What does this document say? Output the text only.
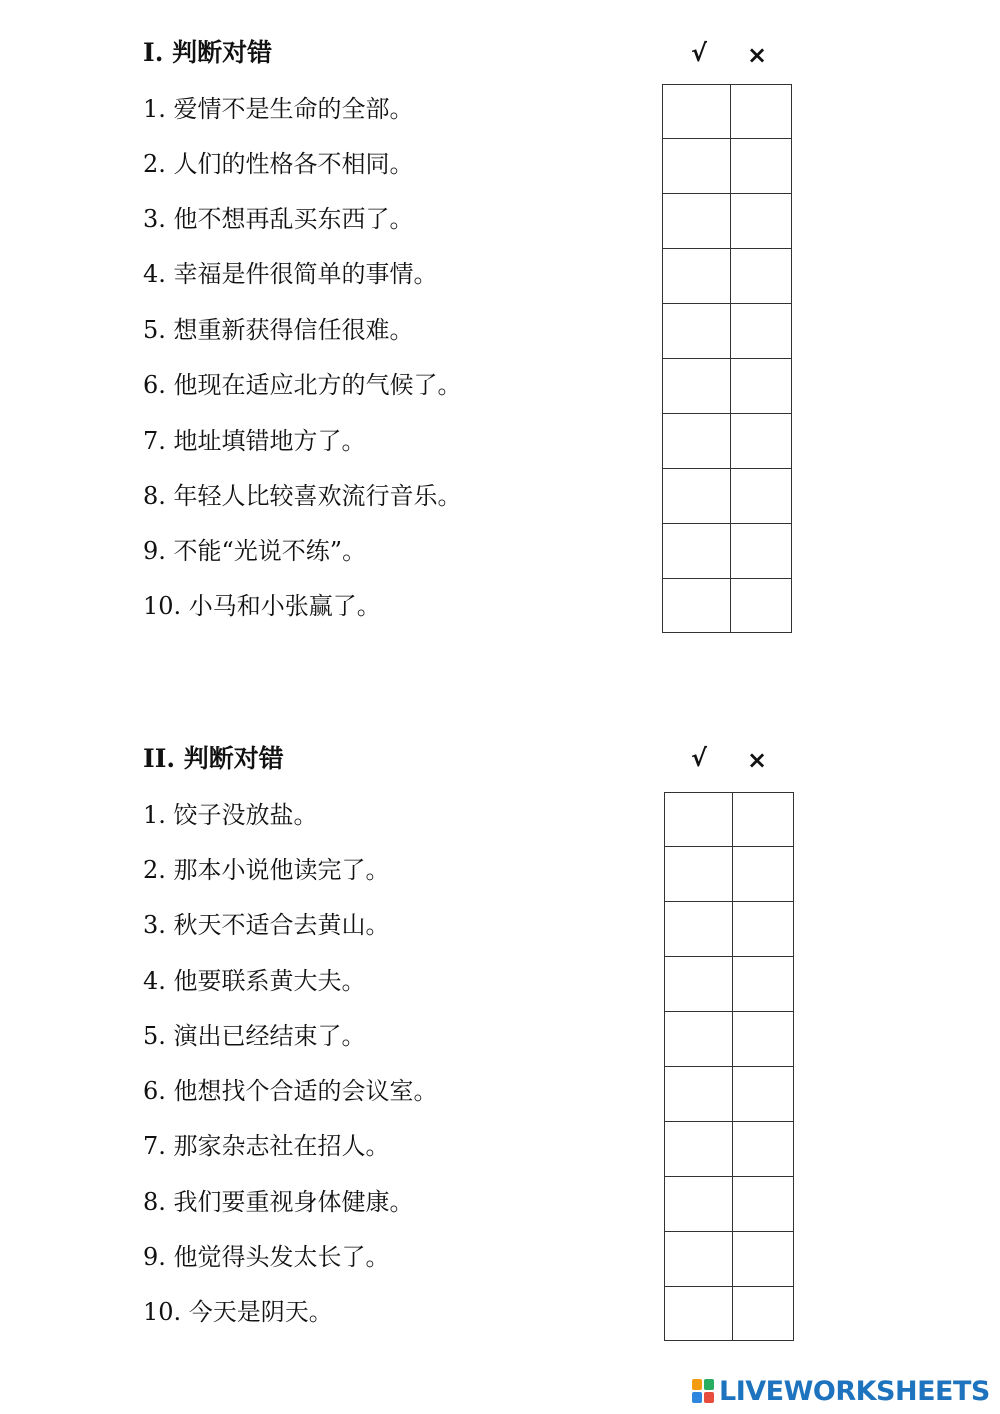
I. 判断对错	√ ×
1. 爱情不是生命的全部。
2. 人们的性格各不相同。
3. 他不想再乱买东西了。
4. 幸福是件很简单的事情。
5. 想重新获得信任很难。
6. 他现在适应北方的气候了。
7. 地址填错地方了。
8. 年轻人比较喜欢流行音乐。
9. 不能“光说不练”。
10. 小马和小张赢了。

II. 判断对错	√ ×
1. 饺子没放盐。
2. 那本小说他读完了。
3. 秋天不适合去黄山。
4. 他要联系黄大夫。
5. 演出已经结束了。
6. 他想找个合适的会议室。
7. 那家杂志社在招人。
8. 我们要重视身体健康。
9. 他觉得头发太长了。
10. 今天是阴天。

LIVEWORKSHEETS
